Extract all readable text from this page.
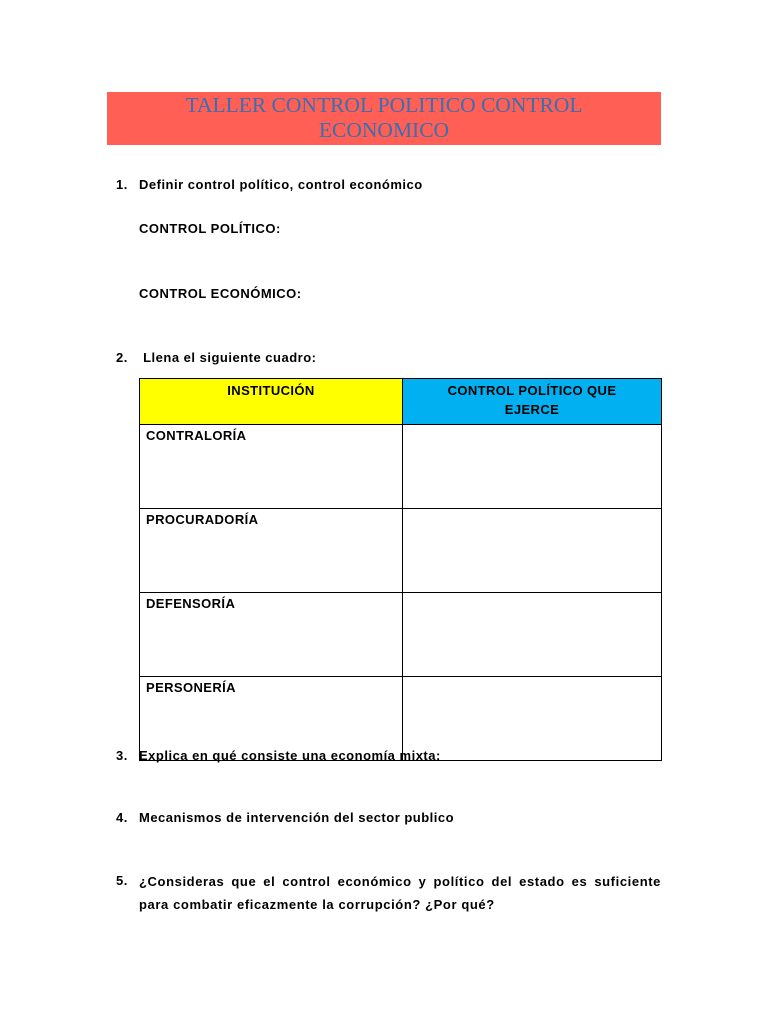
TALLER CONTROL POLITICO CONTROL
ECONOMICO
1. Definir control político, control económico
CONTROL POLÍTICO:
CONTROL ECONÓMICO:
2. Llena el siguiente cuadro:
INSTITUCIÓN	CONTROL POLÍTICO QUE EJERCE

CONTRALORÍA	
PROCURADORÍA	
DEFENSORÍA	
PERSONERÍA	
3. Explica en qué consiste una economía mixta:
4. Mecanismos de intervención del sector publico
5. ¿Consideras que el control económico y político del estado es suficiente para combatir eficazmente la corrupción? ¿Por qué?
